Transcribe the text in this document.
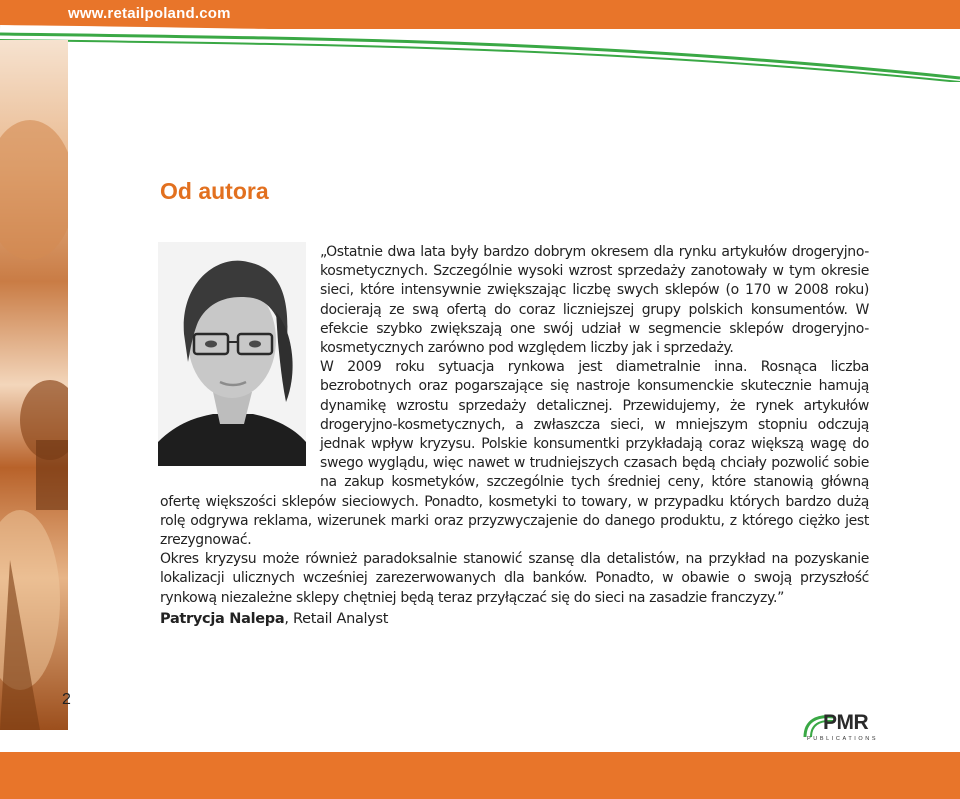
www.retailpoland.com
Od autora

„Ostatnie dwa lata były bardzo dobrym okresem dla rynku artykułów drogeryjno-kosmetycznych. Szczególnie wysoki wzrost sprzedaży zanotowały w tym okresie sieci, które intensywnie zwiększając liczbę swych sklepów (o 170 w 2008 roku) docierają ze swą ofertą do coraz liczniejszej grupy polskich konsumentów. W efekcie szybko zwiększają one swój udział w segmencie sklepów drogeryjno-kosmetycznych zarówno pod względem liczby jak i sprzedaży.

W 2009 roku sytuacja rynkowa jest diametralnie inna. Rosnąca liczba bezrobotnych oraz pogarszające się nastroje konsumenckie skutecznie hamują dynamikę wzrostu sprzedaży detalicznej. Przewidujemy, że rynek artykułów drogeryjno-kosmetycznych, a zwłaszcza sieci, w mniejszym stopniu odczują jednak wpływ kryzysu. Polskie konsumentki przykładają coraz większą wagę do swego wyglądu, więc nawet w trudniejszych czasach będą chciały pozwolić sobie na zakup kosmetyków, szczególnie tych średniej ceny, które stanowią główną ofertę większości sklepów sieciowych. Ponadto, kosmetyki to towary, w przypadku których bardzo dużą rolę odgrywa reklama, wizerunek marki oraz przyzwyczajenie do danego produktu, z którego ciężko jest zrezygnować.

Okres kryzysu może również paradoksalnie stanowić szansę dla detalistów, na przykład na pozyskanie lokalizacji ulicznych wcześniej zarezerwowanych dla banków. Ponadto, w obawie o swoją przyszłość rynkową niezależne sklepy chętniej będą teraz przyłączać się do sieci na zasadzie franczyzy.”

Patrycja Nalepa, Retail Analyst
2
PMR
PUBLICATIONS
